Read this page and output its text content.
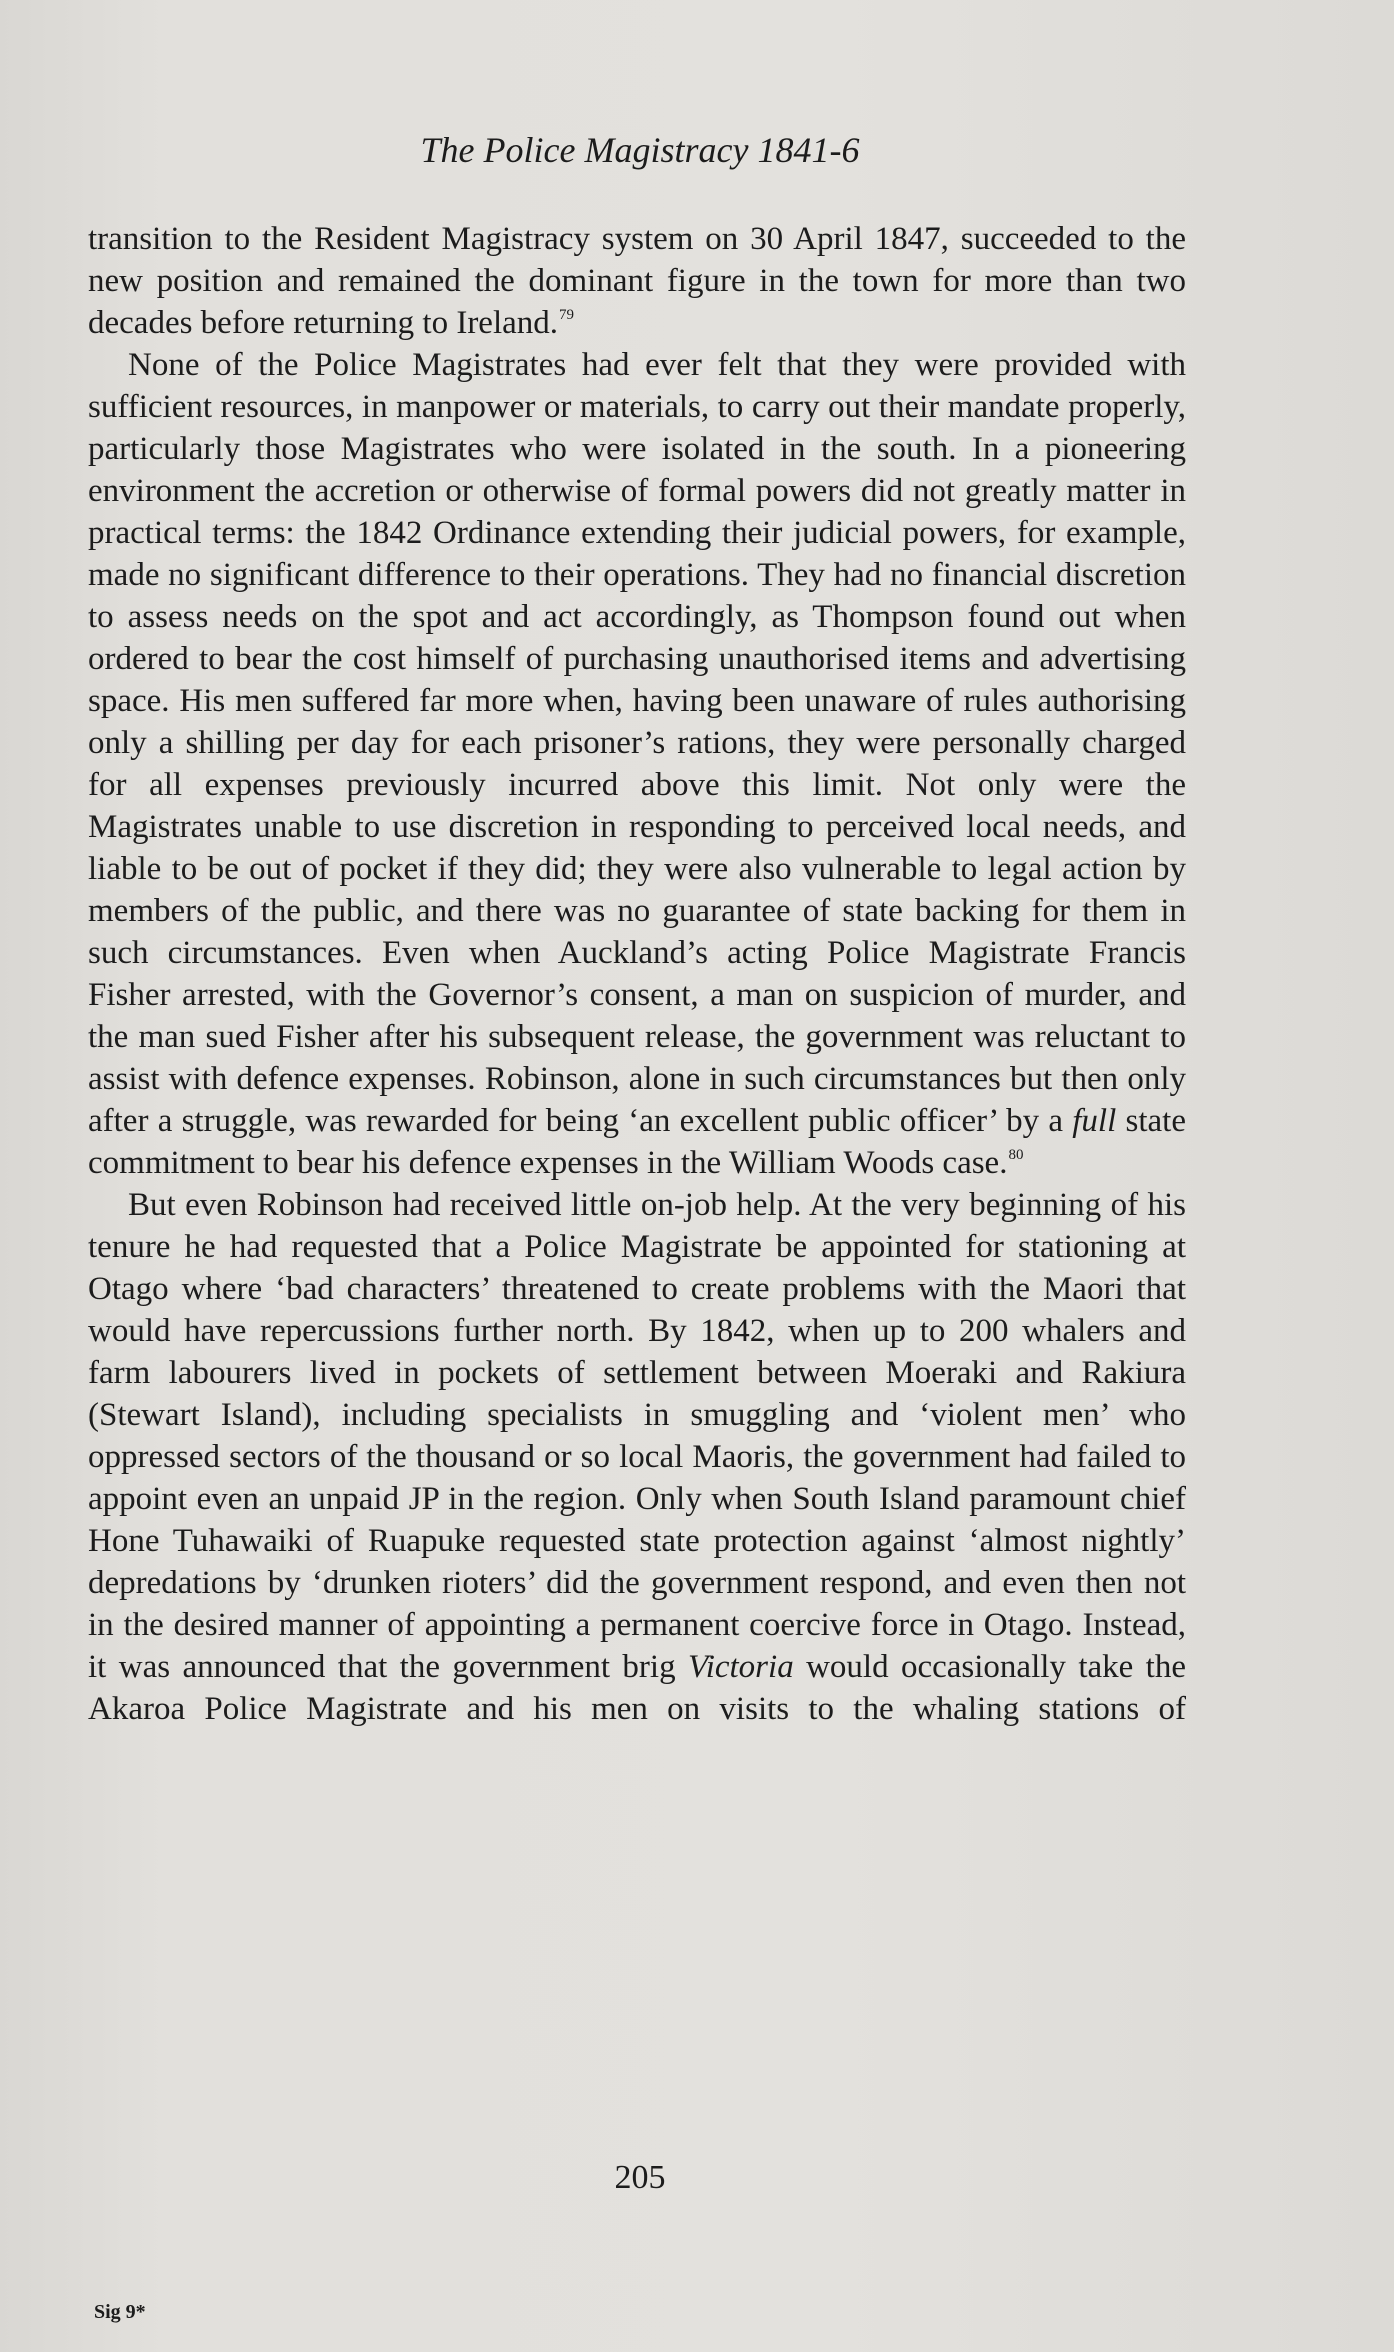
The Police Magistracy 1841-6

transition to the Resident Magistracy system on 30 April 1847, succeeded to the new position and remained the dominant figure in the town for more than two decades before returning to Ireland.$^{79}$

None of the Police Magistrates had ever felt that they were provided with sufficient resources, in manpower or materials, to carry out their mandate properly, particularly those Magistrates who were isolated in the south. In a pioneering environment the accretion or otherwise of formal powers did not greatly matter in practical terms: the 1842 Ordinance extending their judicial powers, for example, made no significant difference to their operations. They had no financial discretion to assess needs on the spot and act accordingly, as Thompson found out when ordered to bear the cost himself of purchasing unauthorised items and advertising space. His men suffered far more when, having been unaware of rules authorising only a shilling per day for each prisoner’s rations, they were personally charged for all expenses previously incurred above this limit. Not only were the Magistrates unable to use discretion in responding to perceived local needs, and liable to be out of pocket if they did; they were also vulnerable to legal action by members of the public, and there was no guarantee of state backing for them in such circumstances. Even when Auckland’s acting Police Magistrate Francis Fisher arrested, with the Governor’s consent, a man on suspicion of murder, and the man sued Fisher after his subsequent release, the government was reluctant to assist with defence expenses. Robinson, alone in such circumstances but then only after a struggle, was rewarded for being ‘an excellent public officer’ by a full state commitment to bear his defence expenses in the William Woods case.$^{80}$

But even Robinson had received little on-job help. At the very beginning of his tenure he had requested that a Police Magistrate be appointed for stationing at Otago where ‘bad characters’ threatened to create problems with the Maori that would have repercussions further north. By 1842, when up to 200 whalers and farm labourers lived in pockets of settlement between Moeraki and Rakiura (Stewart Island), including specialists in smuggling and ‘violent men’ who oppressed sectors of the thousand or so local Maoris, the government had failed to appoint even an unpaid JP in the region. Only when South Island paramount chief Hone Tuhawaiki of Ruapuke requested state protection against ‘almost nightly’ depredations by ‘drunken rioters’ did the government respond, and even then not in the desired manner of appointing a permanent coercive force in Otago. Instead, it was announced that the government brig Victoria would occasionally take the Akaroa Police Magistrate and his men on visits to the whaling stations of

205
Sig 9*
